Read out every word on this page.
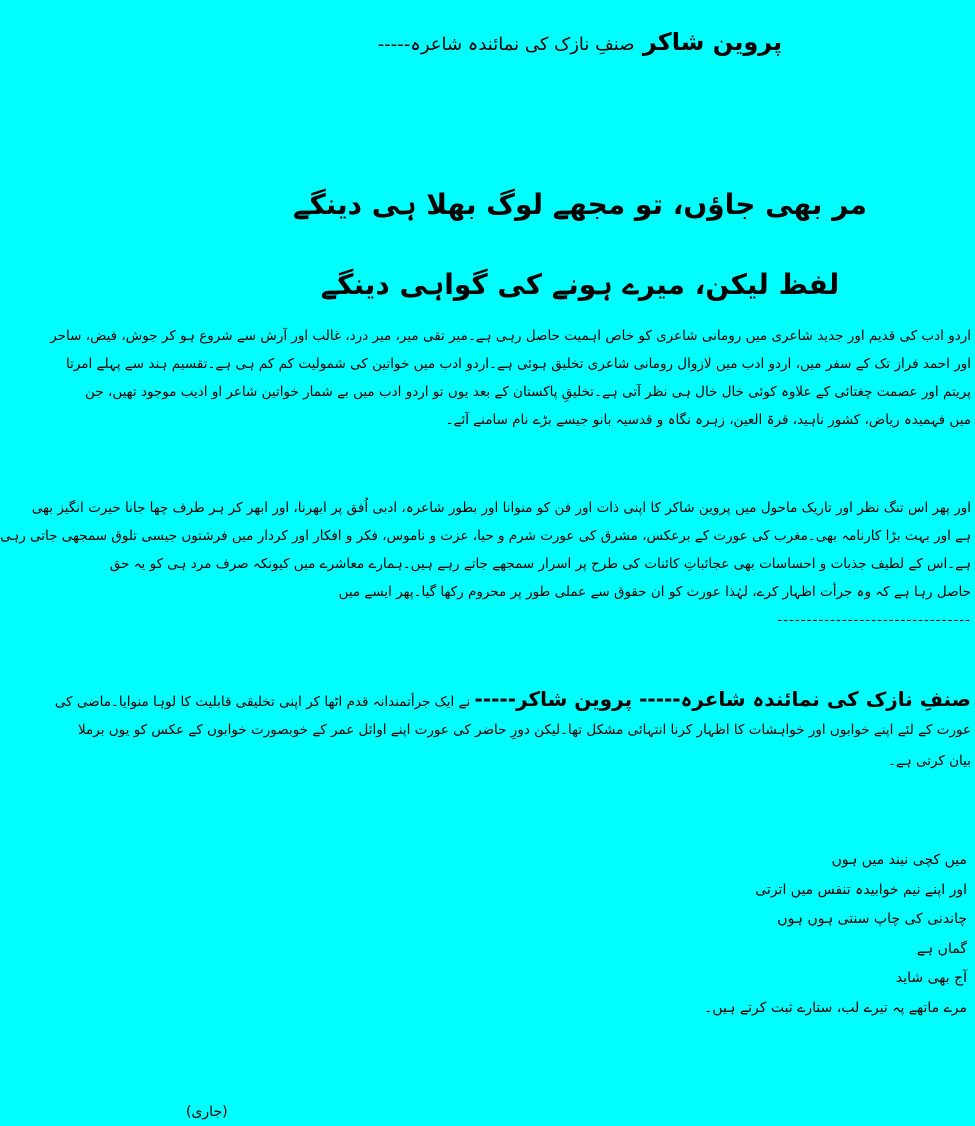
پروین شاکر صنفِ نازک کی نمائندہ شاعرہ-----
مر بھی جاؤں، تو مجھے لوگ بھلا ہی دینگے
لفظ لیکن، میرے ہونے کی گواہی دینگے
اردو ادب کی قدیم اور جدید شاعری میں رومانی شاعری کو خاص اہمیت حاصل رہی ہے۔میر تقی میر، میر درد، غالب اور آرش سے شروع ہو کر جوش، فیض، ساحر
اور احمد فراز تک کے سفر میں، اردو ادب میں لازوال رومانی شاعری تخلیق ہوئی ہے۔اردو ادب میں خواتین کی شمولیت کم کم ہی ہے۔تقسیم ہند سے پہلے امرتا
پریتم اور عصمت چغتائی کے علاوہ کوئی خال خال ہی نظر آتی ہے۔تخلیقِ پاکستان کے بعد یوں تو اردو ادب میں بے شمار خواتین شاعر او ادیب موجود تھیں، جن
میں فہمیدہ ریاض، کشور ناہید، قرۃ العین، زہرہ نگاہ و قدسیہ بانو جیسے بڑے نام سامنے آئے۔
اور پھر اس تنگ نظر اور تاریک ماحول میں پروین شاکر کا اپنی ذات اور فن کو منوانا اور بطور شاعرہ، ادبی اُفق پر ابھرنا، اور ابھر کر ہر طرف چھا جانا حیرت انگیز بھی
ہے اور بہت بڑا کارنامہ بھی۔مغرب کی عورت کے برعکس، مشرق کی عورت شرم و حیا، عزت و ناموس، فکر و افکار اور کردار میں فرشتوں جیسی تلوق سمجھی جاتی رہی
ہے۔اس کے لطیف جذبات و احساسات بھی عجائباتِ کائنات کی طرح پر اسرار سمجھے جاتے رہے ہیں۔ہمارے معاشرے میں کیونکہ صرف مرد ہی کو یہ حق
حاصل رہا ہے کہ وہ جرأت اظہار کرے، لہٰذا عورت کو ان حقوق سے عملی طور پر محروم رکھا گیا۔پھر ایسے میں
---------------------------------
صنفِ نازک کی نمائندہ شاعرہ----- پروین شاکر----- نے ایک جرأتمندانہ قدم اٹھا کر اپنی تخلیقی قابلیت کا لوہا منوایا۔ماضی کی
عورت کے لئے اپنے خوابوں اور خواہشات کا اظہار کرنا انتہائی مشکل تھا۔لیکن دورِ حاضر کی عورت اپنے اوائل عمر کے خوبصورت خوابوں کے عکس کو یوں برملا
بیان کرتی ہے۔
میں کچی نیند میں ہوں
اور اپنے نیم خوابیدہ تنفس میں اترتی
چاندنی کی چاپ سنتی ہوں ہوں
گماں ہے
آج بھی شاید
مرے ماتھے پہ تیرے لب، ستارے ثبت کرتے ہیں۔
(جاری)
